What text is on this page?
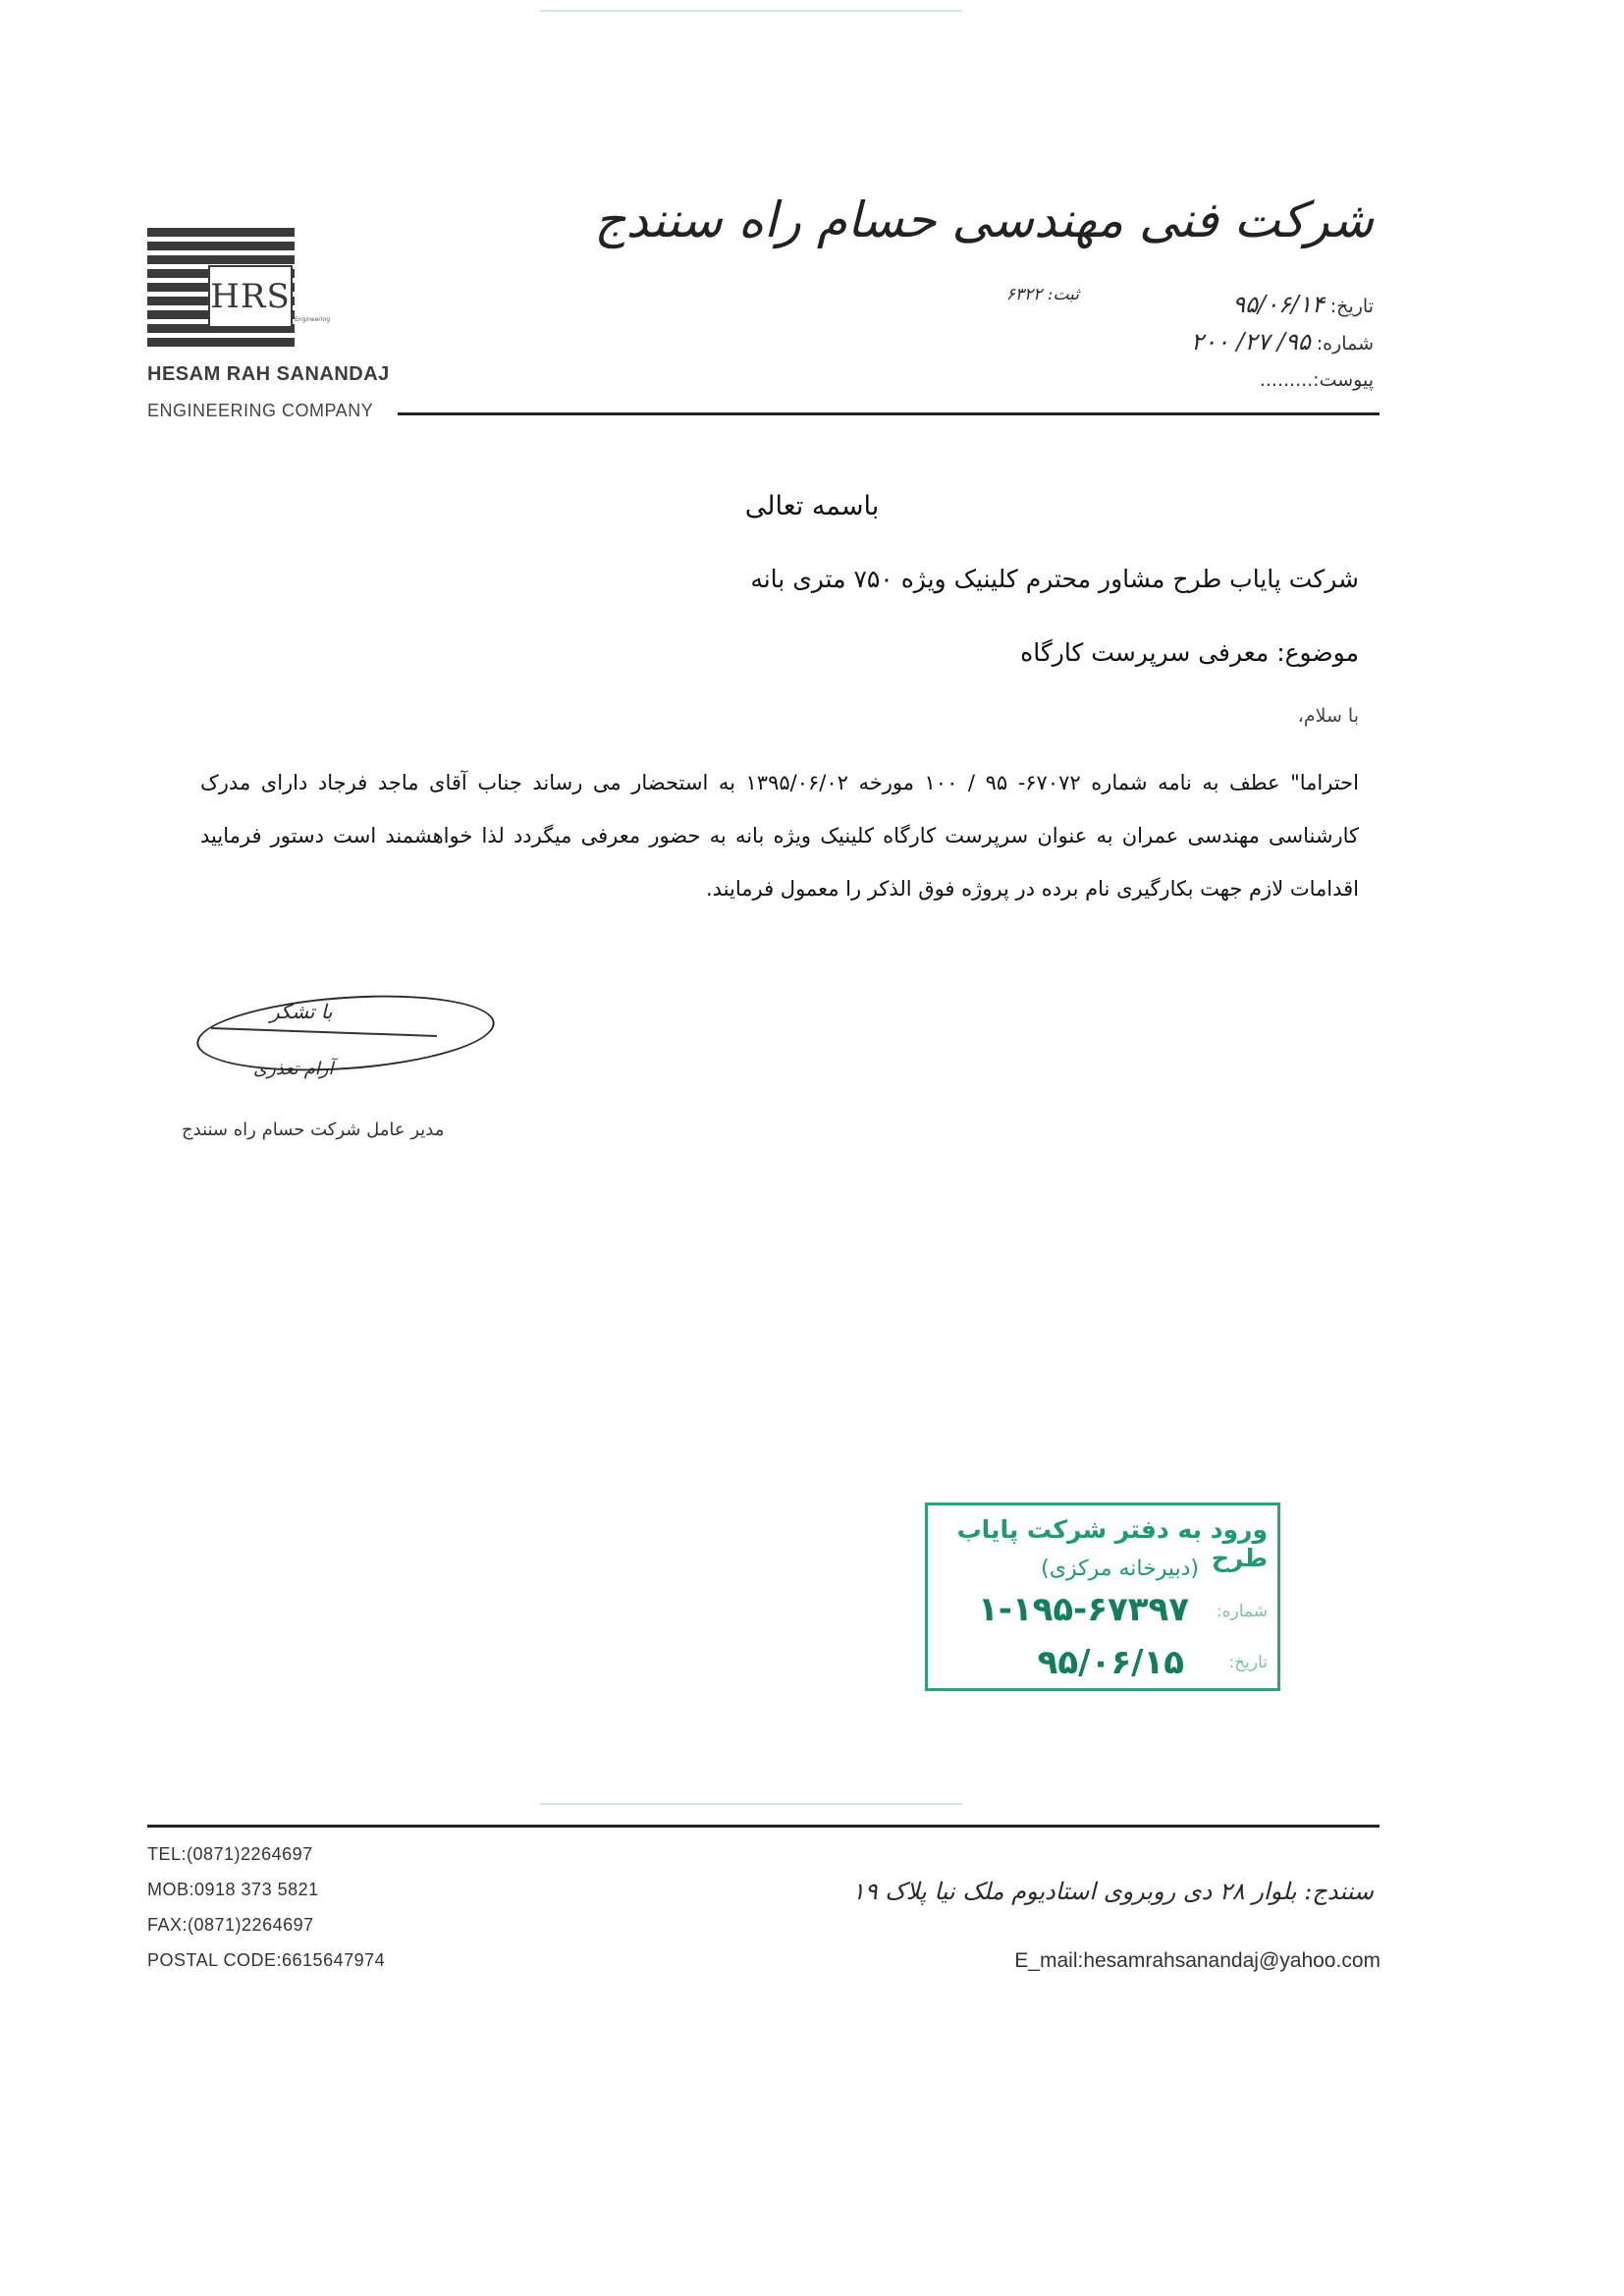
HRS
Engineering
HESAM RAH SANANDAJ
ENGINEERING COMPANY
شرکت فنی مهندسی حسام راه سنندج
ثبت: ۶۳۲۲
تاریخ: ۹۵/۰۶/۱۴
شماره: ۹۵/ ۲۷/ ۲۰۰
پیوست:.........
باسمه تعالی
شرکت پایاب طرح مشاور محترم کلینیک ویژه ۷۵۰ متری بانه
موضوع: معرفی سرپرست کارگاه
با سلام،
احتراما" عطف به نامه شماره ۶۷۰۷۲- ۹۵ / ۱۰۰ مورخه ۱۳۹۵/۰۶/۰۲ به استحضار می رساند جناب آقای ماجد فرجاد دارای مدرک کارشناسی مهندسی عمران به عنوان سرپرست کارگاه کلینیک ویژه بانه به حضور معرفی میگردد لذا خواهشمند است دستور فرمایید اقدامات لازم جهت بکارگیری نام برده در پروژه فوق الذکر را معمول فرمایند.
با تشکر
آرام تعذری
مدیر عامل شرکت حسام راه سنندج
ورود به دفتر شرکت پایاب طرح
(دبیرخانه مرکزی)
شماره:
۱-۱۹۵-۶۷۳۹۷
تاریخ:
۹۵/۰۶/۱۵
TEL:(0871)2264697
MOB:0918 373 5821
FAX:(0871)2264697
POSTAL CODE:6615647974
سنندج: بلوار ۲۸ دی روبروی استادیوم ملک نیا پلاک ۱۹
E_mail:hesamrahsanandaj@yahoo.com
